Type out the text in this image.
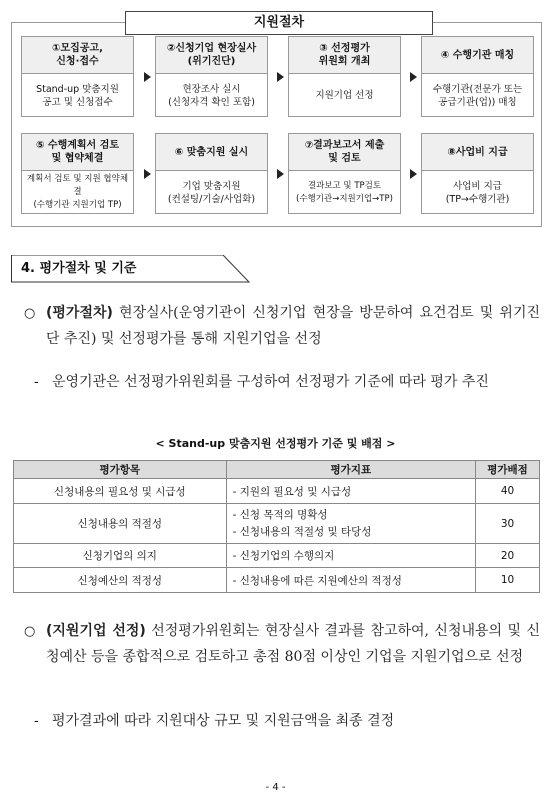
지원절차
①모집공고,
신청·접수
Stand-up 맞춤지원
공고 및 신청접수
②신청기업 현장실사
(위기진단)
현장조사 실시
(신청자격 확인 포함)
③ 선정평가
위원회 개최
지원기업 선정
④ 수행기관 매칭
수행기관(전문가 또는
공급기관(업)) 매칭
⑤ 수행계획서 검토
및 협약체결
계획서 검토 및 지원 협약체결
(수행기관 지원기업 TP)
⑥ 맞춤지원 실시
기업 맞춤지원
(컨설팅/기술/사업화)
⑦결과보고서 제출
및 검토
결과보고 및 TP검토
(수행기관→지원기업→TP)
⑧사업비 지급
사업비 지급
(TP→수행기관)
4. 평가절차 및 기준
○ (평가절차) 현장실사(운영기관이 신청기업 현장을 방문하여 요건검토 및 위기진단 추진) 및 선정평가를 통해 지원기업을 선정
- 운영기관은 선정평가위원회를 구성하여 선정평가 기준에 따라 평가 추진
< Stand-up 맞춤지원 선정평가 기준 및 배점 >
평가항목	평가지표	평가배점
신청내용의 필요성 및 시급성	- 지원의 필요성 및 시급성	40
신청내용의 적절성	- 신청 목적의 명확성
- 신청내용의 적절성 및 타당성	30
신청기업의 의지	- 신청기업의 수행의지	20
신청예산의 적정성	- 신청내용에 따른 지원예산의 적정성	10
○ (지원기업 선정) 선정평가위원회는 현장실사 결과를 참고하여, 신청내용의 및 신청예산 등을 종합적으로 검토하고 총점 80점 이상인 기업을 지원기업으로 선정
- 평가결과에 따라 지원대상 규모 및 지원금액을 최종 결정
- 4 -
